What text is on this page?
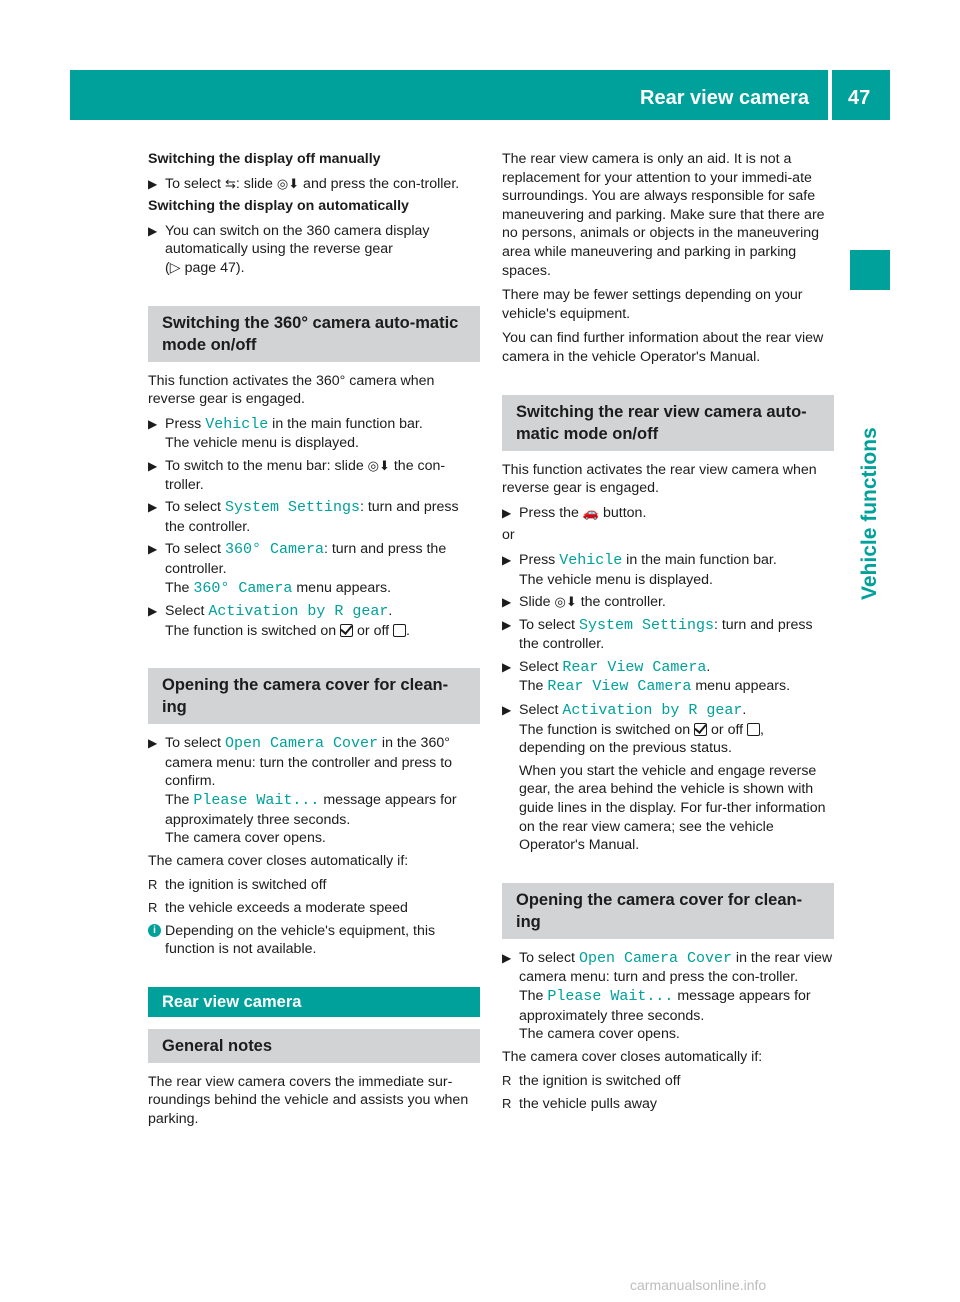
Rear view camera 47
Vehicle functions
Switching the display off manually
▶ To select ⇆: slide ◎⬇ and press the con-troller.
Switching the display on automatically
▶ You can switch on the 360 camera display automatically using the reverse gear
(▷ page 47).
Switching the 360° camera auto-matic mode on/off

This function activates the 360° camera when reverse gear is engaged.

▶ Press Vehicle in the main function bar.
The vehicle menu is displayed.
▶ To switch to the menu bar: slide ◎⬇ the con-troller.
▶ To select System Settings: turn and press the controller.
▶ To select 360° Camera: turn and press the controller.
The 360° Camera menu appears.
▶ Select Activation by R gear.
The function is switched on  or off .
Opening the camera cover for clean-ing
▶ To select Open Camera Cover in the 360° camera menu: turn the controller and press to confirm.
The Please Wait... message appears for approximately three seconds.
The camera cover opens.

The camera cover closes automatically if:

R the ignition is switched off
R the vehicle exceeds a moderate speed
i Depending on the vehicle's equipment, this function is not available.
Rear view camera
General notes

The rear view camera covers the immediate sur-roundings behind the vehicle and assists you when parking.

The rear view camera is only an aid. It is not a replacement for your attention to your immedi-ate surroundings. You are always responsible for safe maneuvering and parking. Make sure that there are no persons, animals or objects in the maneuvering area while maneuvering and parking in parking spaces.

There may be fewer settings depending on your vehicle's equipment.

You can find further information about the rear view camera in the vehicle Operator's Manual.

Switching the rear view camera auto-matic mode on/off

This function activates the rear view camera when reverse gear is engaged.

▶ Press the 🚗 button.

or

▶ Press Vehicle in the main function bar.
The vehicle menu is displayed.
▶ Slide ◎⬇ the controller.
▶ To select System Settings: turn and press the controller.
▶ Select Rear View Camera.
The Rear View Camera menu appears.
▶ Select Activation by R gear.
The function is switched on  or off ,
depending on the previous status.
When you start the vehicle and engage reverse gear, the area behind the vehicle is shown with guide lines in the display. For fur-ther information on the rear view camera; see the vehicle Operator's Manual.
Opening the camera cover for clean-ing
▶ To select Open Camera Cover in the rear view camera menu: turn and press the con-troller.
The Please Wait... message appears for approximately three seconds.
The camera cover opens.

The camera cover closes automatically if:

R the ignition is switched off
R the vehicle pulls away
carmanualsonline.info
